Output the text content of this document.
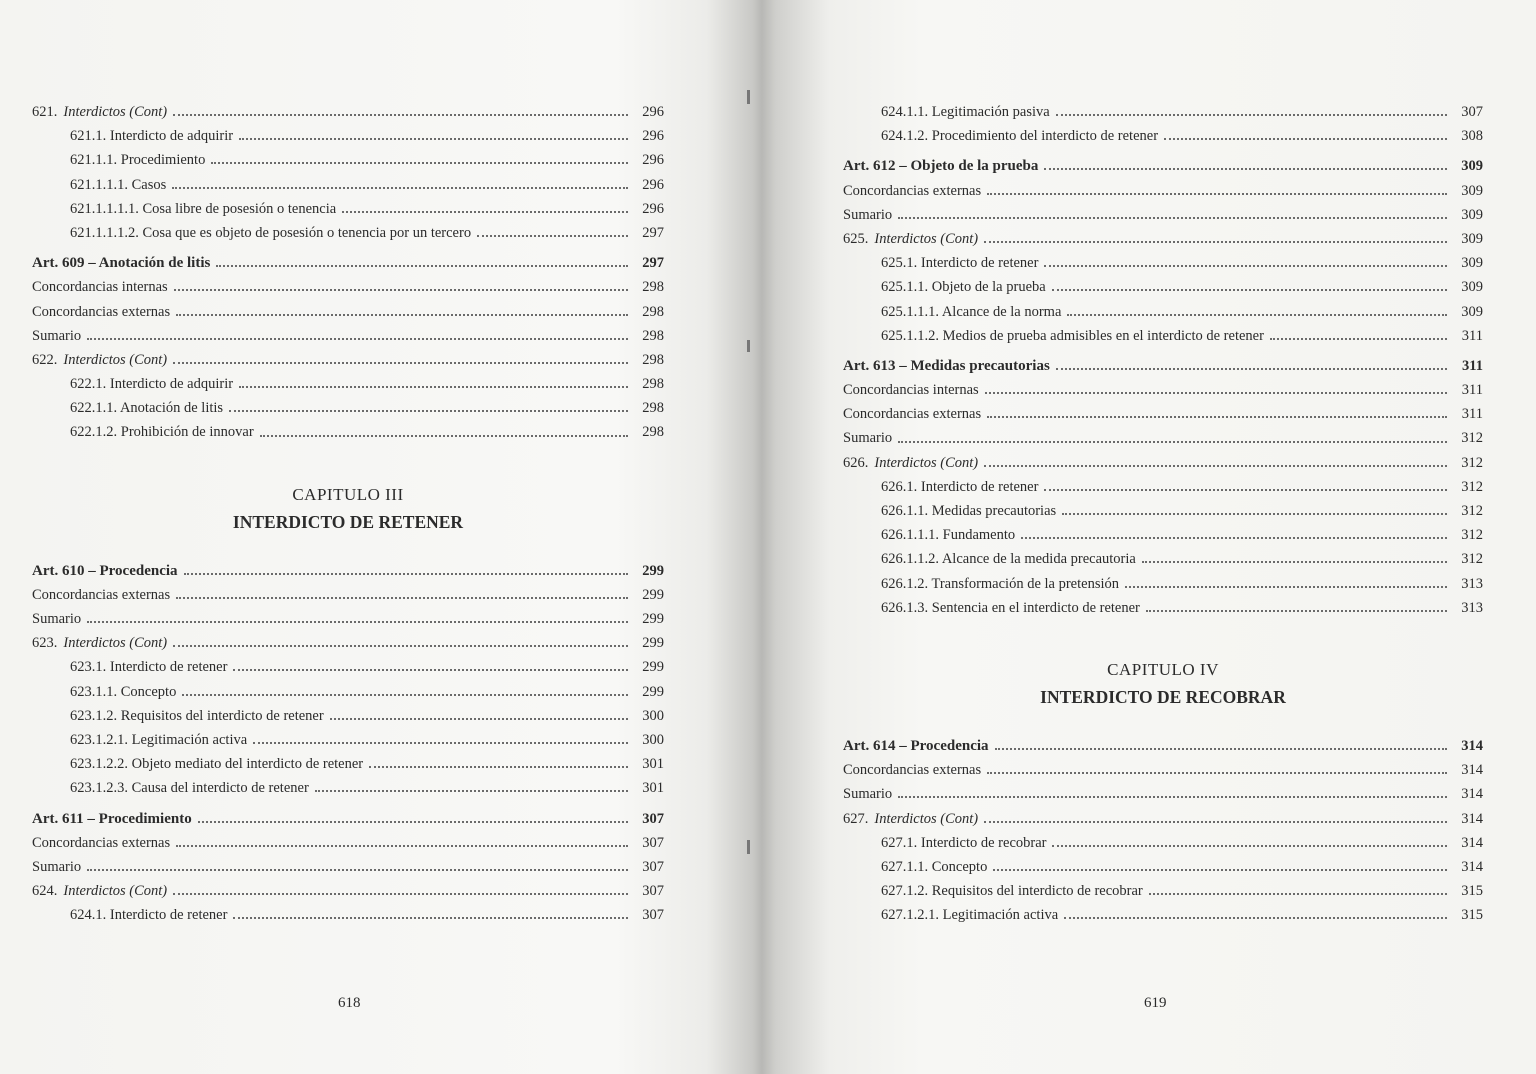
621. Interdictos (Cont)	296
621.1. Interdicto de adquirir	296
621.1.1. Procedimiento	296
621.1.1.1. Casos	296
621.1.1.1.1. Cosa libre de posesión o tenencia	296
621.1.1.1.2. Cosa que es objeto de posesión o tenencia por un tercero	297
Art. 609 – Anotación de litis	297
Concordancias internas	298
Concordancias externas	298
Sumario	298
622. Interdictos (Cont)	298
622.1. Interdicto de adquirir	298
622.1.1. Anotación de litis	298
622.1.2. Prohibición de innovar	298
CAPITULO III
INTERDICTO DE RETENER
Art. 610 – Procedencia	299
Concordancias externas	299
Sumario	299
623. Interdictos (Cont)	299
623.1. Interdicto de retener	299
623.1.1. Concepto	299
623.1.2. Requisitos del interdicto de retener	300
623.1.2.1. Legitimación activa	300
623.1.2.2. Objeto mediato del interdicto de retener	301
623.1.2.3. Causa del interdicto de retener	301
Art. 611 – Procedimiento	307
Concordancias externas	307
Sumario	307
624. Interdictos (Cont)	307
624.1. Interdicto de retener	307
618
624.1.1. Legitimación pasiva	307
624.1.2. Procedimiento del interdicto de retener	308
Art. 612 – Objeto de la prueba	309
Concordancias externas	309
Sumario	309
625. Interdictos (Cont)	309
625.1. Interdicto de retener	309
625.1.1. Objeto de la prueba	309
625.1.1.1. Alcance de la norma	309
625.1.1.2. Medios de prueba admisibles en el interdicto de retener	311
Art. 613 – Medidas precautorias	311
Concordancias internas	311
Concordancias externas	311
Sumario	312
626. Interdictos (Cont)	312
626.1. Interdicto de retener	312
626.1.1. Medidas precautorias	312
626.1.1.1. Fundamento	312
626.1.1.2. Alcance de la medida precautoria	312
626.1.2. Transformación de la pretensión	313
626.1.3. Sentencia en el interdicto de retener	313
CAPITULO IV
INTERDICTO DE RECOBRAR
Art. 614 – Procedencia	314
Concordancias externas	314
Sumario	314
627. Interdictos (Cont)	314
627.1. Interdicto de recobrar	314
627.1.1. Concepto	314
627.1.2. Requisitos del interdicto de recobrar	315
627.1.2.1. Legitimación activa	315
619
